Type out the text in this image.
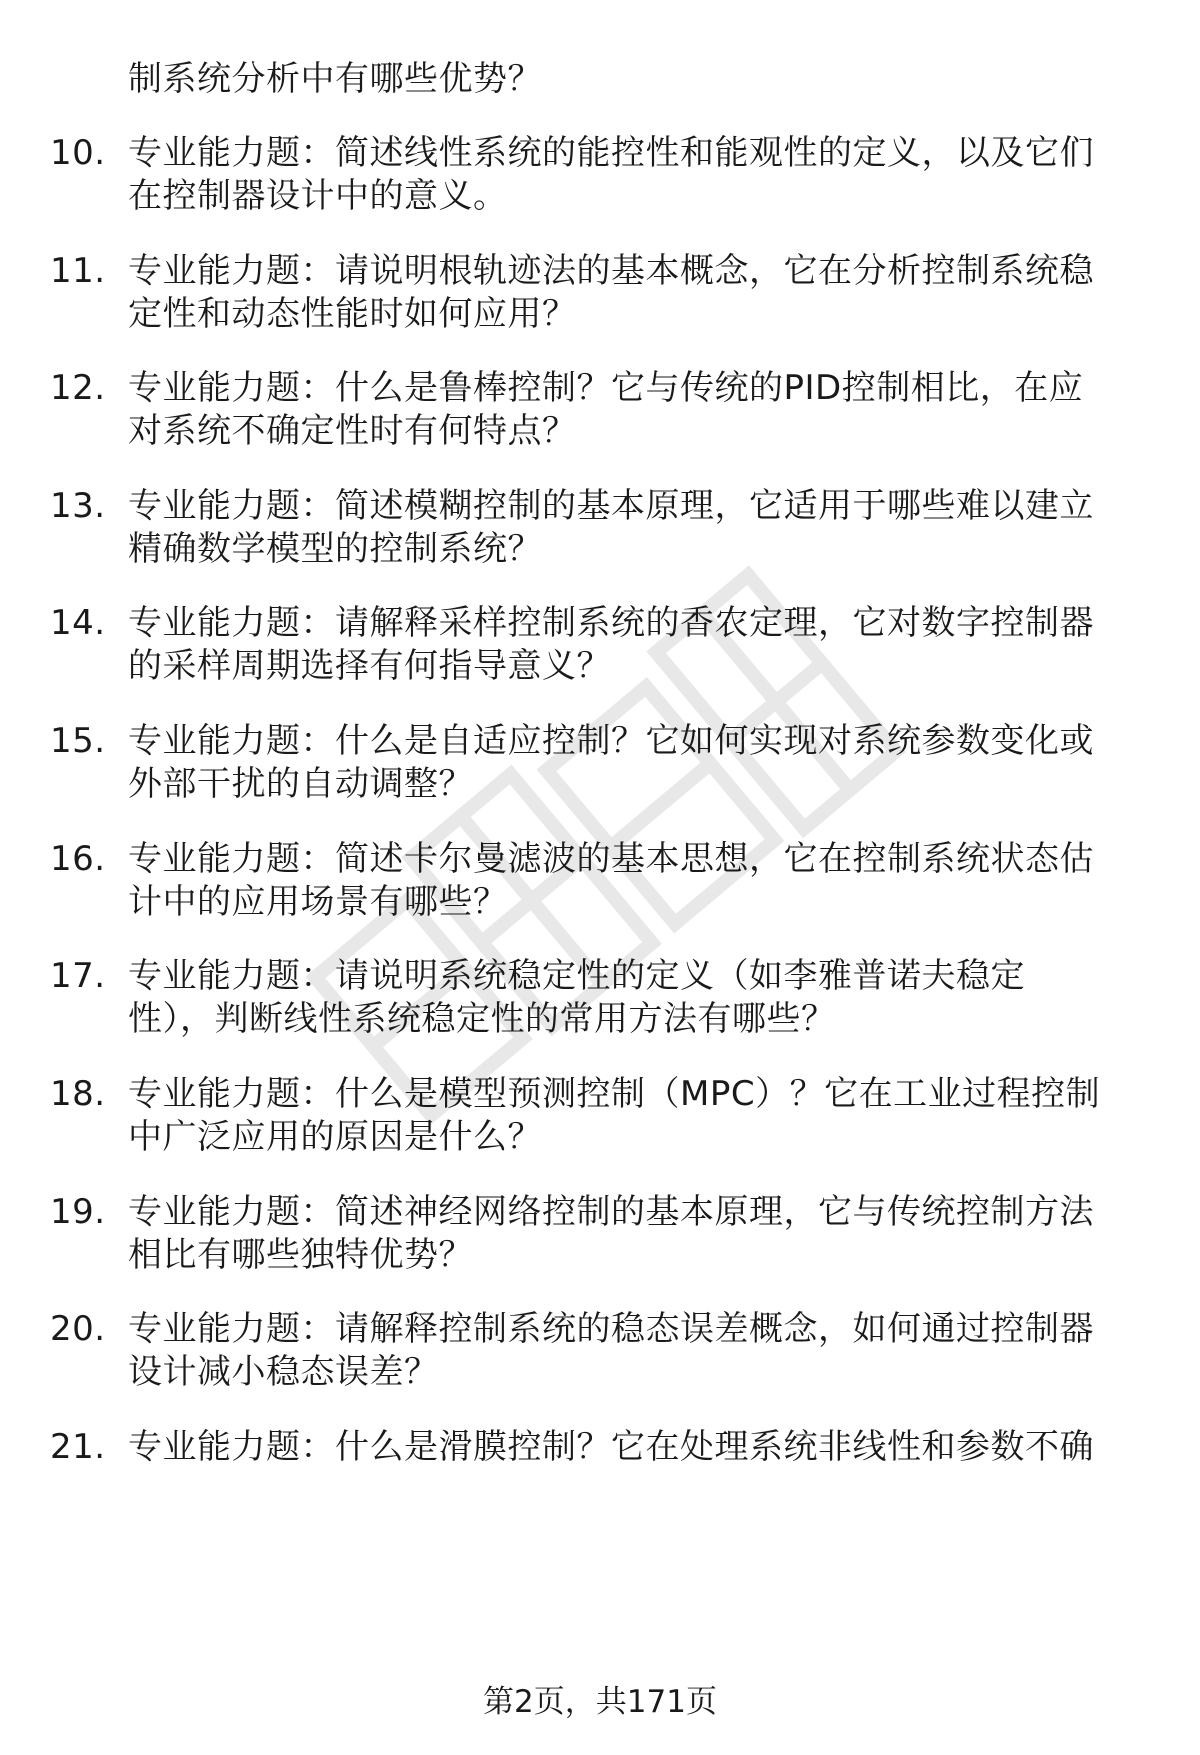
制系统分析中有哪些优势？
10. 专业能力题：简述线性系统的能控性和能观性的定义，以及它们
在控制器设计中的意义。
11. 专业能力题：请说明根轨迹法的基本概念，它在分析控制系统稳
定性和动态性能时如何应用？
12. 专业能力题：什么是鲁棒控制？它与传统的PID控制相比，在应
对系统不确定性时有何特点？
13. 专业能力题：简述模糊控制的基本原理，它适用于哪些难以建立
精确数学模型的控制系统？
14. 专业能力题：请解释采样控制系统的香农定理，它对数字控制器
的采样周期选择有何指导意义？
15. 专业能力题：什么是自适应控制？它如何实现对系统参数变化或
外部干扰的自动调整？
16. 专业能力题：简述卡尔曼滤波的基本思想，它在控制系统状态估
计中的应用场景有哪些？
17. 专业能力题：请说明系统稳定性的定义（如李雅普诺夫稳定
性），判断线性系统稳定性的常用方法有哪些？
18. 专业能力题：什么是模型预测控制（MPC）？它在工业过程控制
中广泛应用的原因是什么？
19. 专业能力题：简述神经网络控制的基本原理，它与传统控制方法
相比有哪些独特优势？
20. 专业能力题：请解释控制系统的稳态误差概念，如何通过控制器
设计减小稳态误差？
21. 专业能力题：什么是滑膜控制？它在处理系统非线性和参数不确
第2页，共171页
